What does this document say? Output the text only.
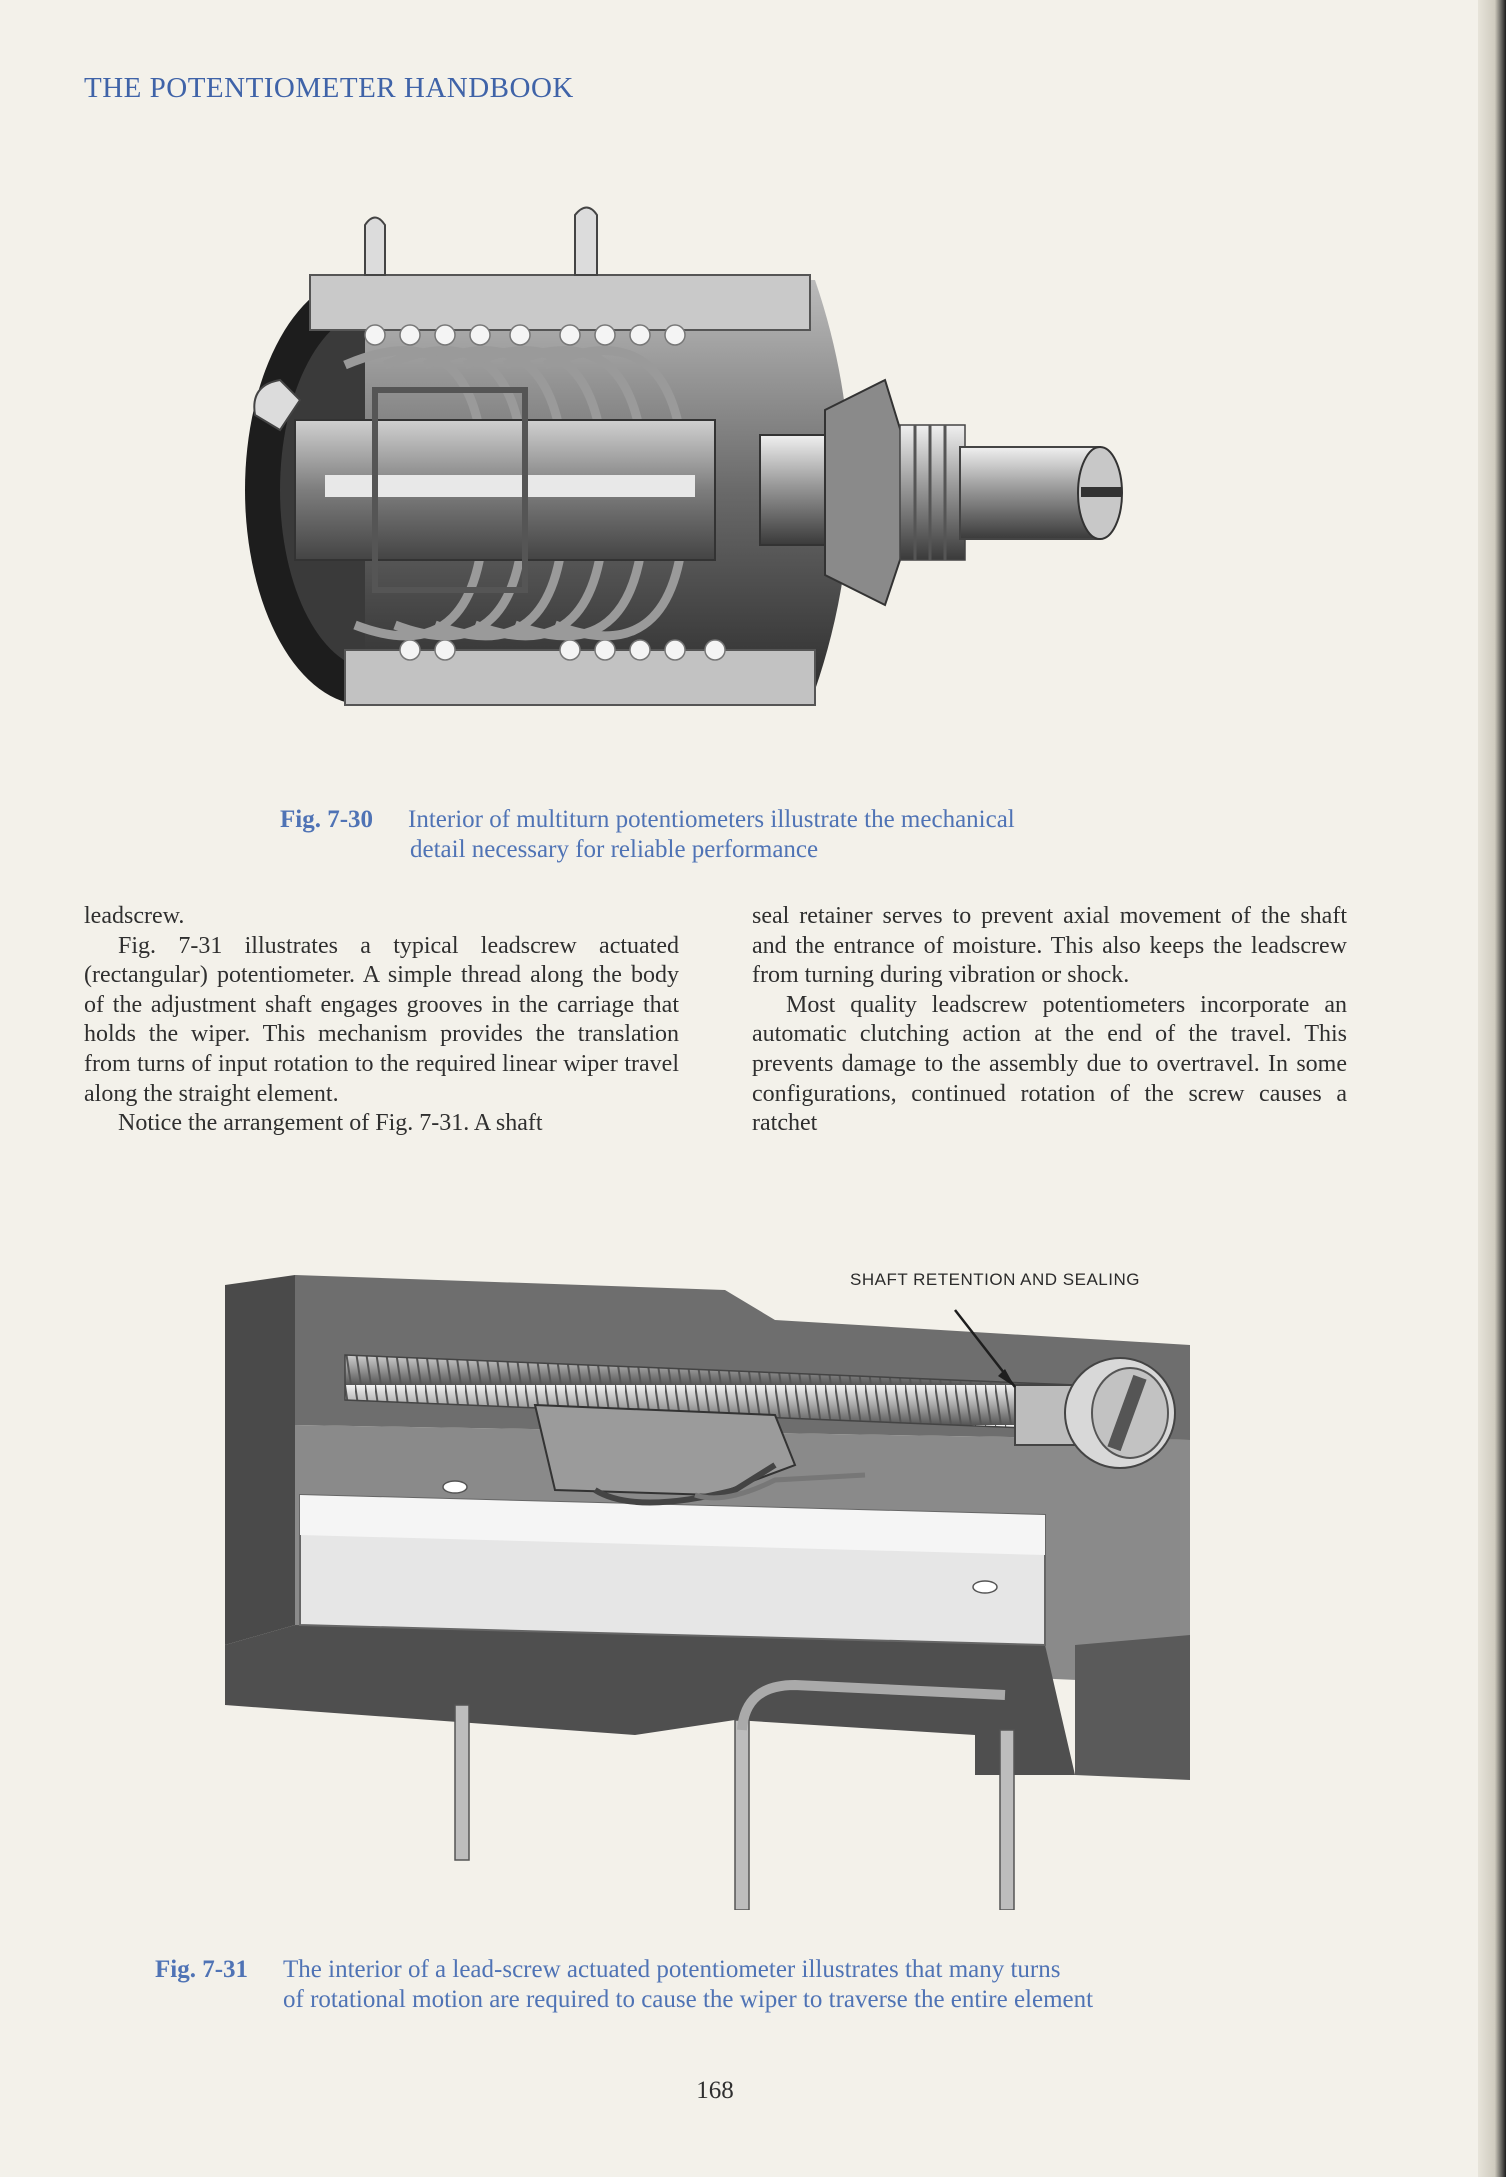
THE POTENTIOMETER HANDBOOK
Fig. 7-30 Interior of multiturn potentiometers illustrate the mechanical
detail necessary for reliable performance

leadscrew.

Fig. 7-31 illustrates a typical leadscrew actuated (rectangular) potentiometer. A simple thread along the body of the adjustment shaft engages grooves in the carriage that holds the wiper. This mechanism provides the translation from turns of input rotation to the required linear wiper travel along the straight element.

Notice the arrangement of Fig. 7-31. A shaft

seal retainer serves to prevent axial movement of the shaft and the entrance of moisture. This also keeps the leadscrew from turning during vibration or shock.

Most quality leadscrew potentiometers incorporate an automatic clutching action at the end of the travel. This prevents damage to the assembly due to overtravel. In some configurations, continued rotation of the screw causes a ratchet

SHAFT RETENTION AND SEALING
Fig. 7-31 The interior of a lead-screw actuated potentiometer illustrates that many turns
of rotational motion are required to cause the wiper to traverse the entire element
168
